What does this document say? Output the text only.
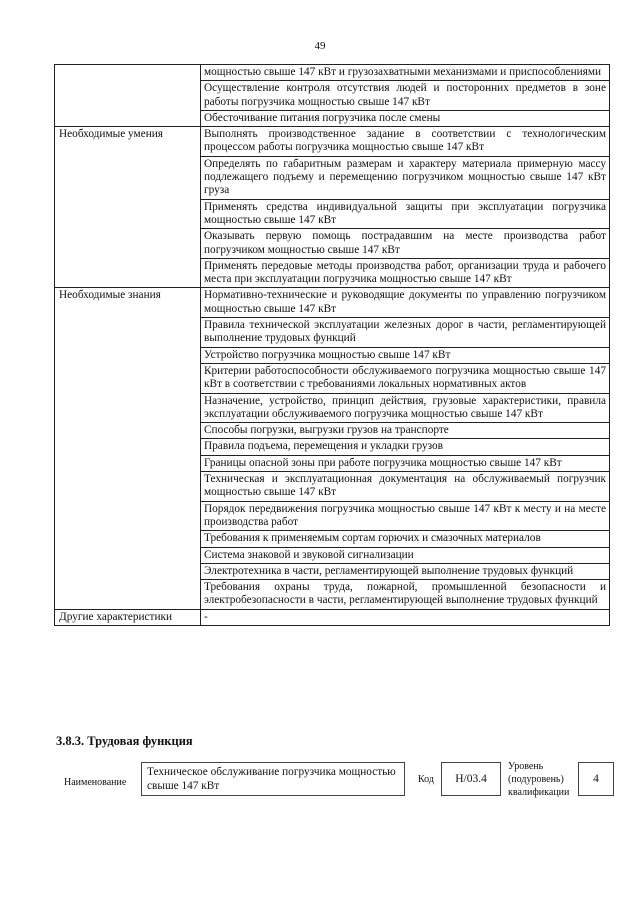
49
	мощностью свыше 147 кВт и грузозахватными механизмами и приспособлениями
	Осуществление контроля отсутствия людей и посторонних предметов в зоне работы погрузчика мощностью свыше 147 кВт
	Обесточивание питания погрузчика после смены
Необходимые умения	Выполнять производственное задание в соответствии с технологическим процессом работы погрузчика мощностью свыше 147 кВт
	Определять по габаритным размерам и характеру материала примерную массу подлежащего подъему и перемещению погрузчиком мощностью свыше 147 кВт груза
	Применять средства индивидуальной защиты при эксплуатации погрузчика мощностью свыше 147 кВт
	Оказывать первую помощь пострадавшим на месте производства работ погрузчиком мощностью свыше 147 кВт
	Применять передовые методы производства работ, организации труда и рабочего места при эксплуатации погрузчика мощностью свыше 147 кВт
Необходимые знания	Нормативно-технические и руководящие документы по управлению погрузчиком мощностью свыше 147 кВт
	Правила технической эксплуатации железных дорог в части, регламентирующей выполнение трудовых функций
	Устройство погрузчика мощностью свыше 147 кВт
	Критерии работоспособности обслуживаемого погрузчика мощностью свыше 147 кВт в соответствии с требованиями локальных нормативных актов
	Назначение, устройство, принцип действия, грузовые характеристики, правила эксплуатации обслуживаемого погрузчика мощностью свыше 147 кВт
	Способы погрузки, выгрузки грузов на транспорте
	Правила подъема, перемещения и укладки грузов
	Границы опасной зоны при работе погрузчика мощностью свыше 147 кВт
	Техническая и эксплуатационная документация на обслуживаемый погрузчик мощностью свыше 147 кВт
	Порядок передвижения погрузчика мощностью свыше 147 кВт к месту и на месте производства работ
	Требования к применяемым сортам горючих и смазочных материалов
	Система знаковой и звуковой сигнализации
	Электротехника в части, регламентирующей выполнение трудовых функций
	Требования охраны труда, пожарной, промышленной безопасности и электробезопасности в части, регламентирующей выполнение трудовых функций
Другие характеристики	-
3.8.3. Трудовая функция
Наименование
Техническое обслуживание погрузчика мощностью свыше 147 кВт
Код	H/03.4
Уровень
(подуровень)
квалификации
4
